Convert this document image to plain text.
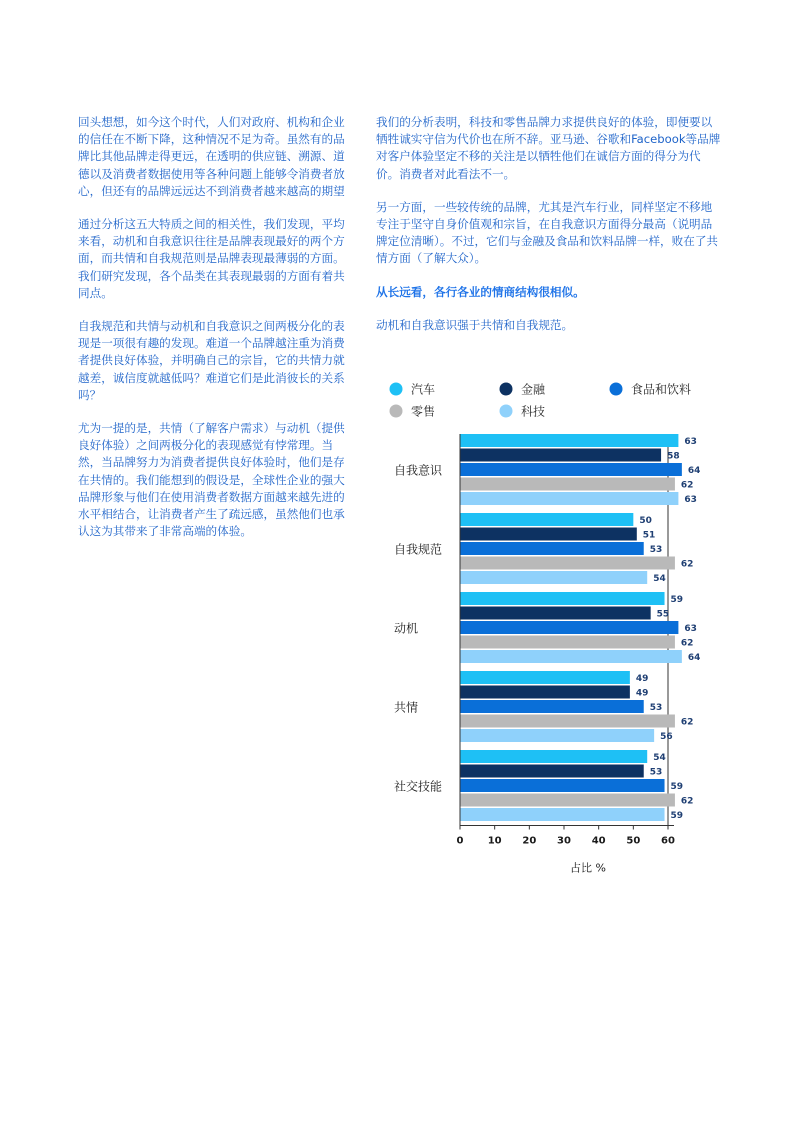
回头想想，如今这个时代，人们对政府、机构和企业的信任在不断下降，这种情况不足为奇。虽然有的品牌比其他品牌走得更远，在透明的供应链、溯源、道德以及消费者数据使用等各种问题上能够令消费者放心，但还有的品牌远远达不到消费者越来越高的期望

通过分析这五大特质之间的相关性，我们发现，平均来看，动机和自我意识往往是品牌表现最好的两个方面，而共情和自我规范则是品牌表现最薄弱的方面。我们研究发现，各个品类在其表现最弱的方面有着共同点。

自我规范和共情与动机和自我意识之间两极分化的表现是一项很有趣的发现。难道一个品牌越注重为消费者提供良好体验，并明确自己的宗旨，它的共情力就越差，诚信度就越低吗？难道它们是此消彼长的关系吗？

尤为一提的是，共情（了解客户需求）与动机（提供良好体验）之间两极分化的表现感觉有悖常理。当然，当品牌努力为消费者提供良好体验时，他们是存在共情的。我们能想到的假设是，全球性企业的强大品牌形象与他们在使用消费者数据方面越来越先进的水平相结合，让消费者产生了疏远感，虽然他们也承认这为其带来了非常高端的体验。

我们的分析表明，科技和零售品牌力求提供良好的体验，即便要以牺牲诚实守信为代价也在所不辞。亚马逊、谷歌和Facebook等品牌对客户体验坚定不移的关注是以牺牲他们在诚信方面的得分为代价。消费者对此看法不一。

另一方面，一些较传统的品牌，尤其是汽车行业，同样坚定不移地专注于坚守自身价值观和宗旨，在自我意识方面得分最高（说明品牌定位清晰）。不过，它们与金融及食品和饮料品牌一样，败在了共情方面（了解大众）。

从长远看，各行各业的情商结构很相似。

动机和自我意识强于共情和自我规范。

汽车	金融	食品和饮料
零售	科技
自我意识
63
58
64
62
63
自我规范
50
51
53
62
54
动机
59
55
63
62
64
共情
49
49
53
62
56
社交技能
54
53
59
62
59
0 10 20 30 40 50 60
占比 %
